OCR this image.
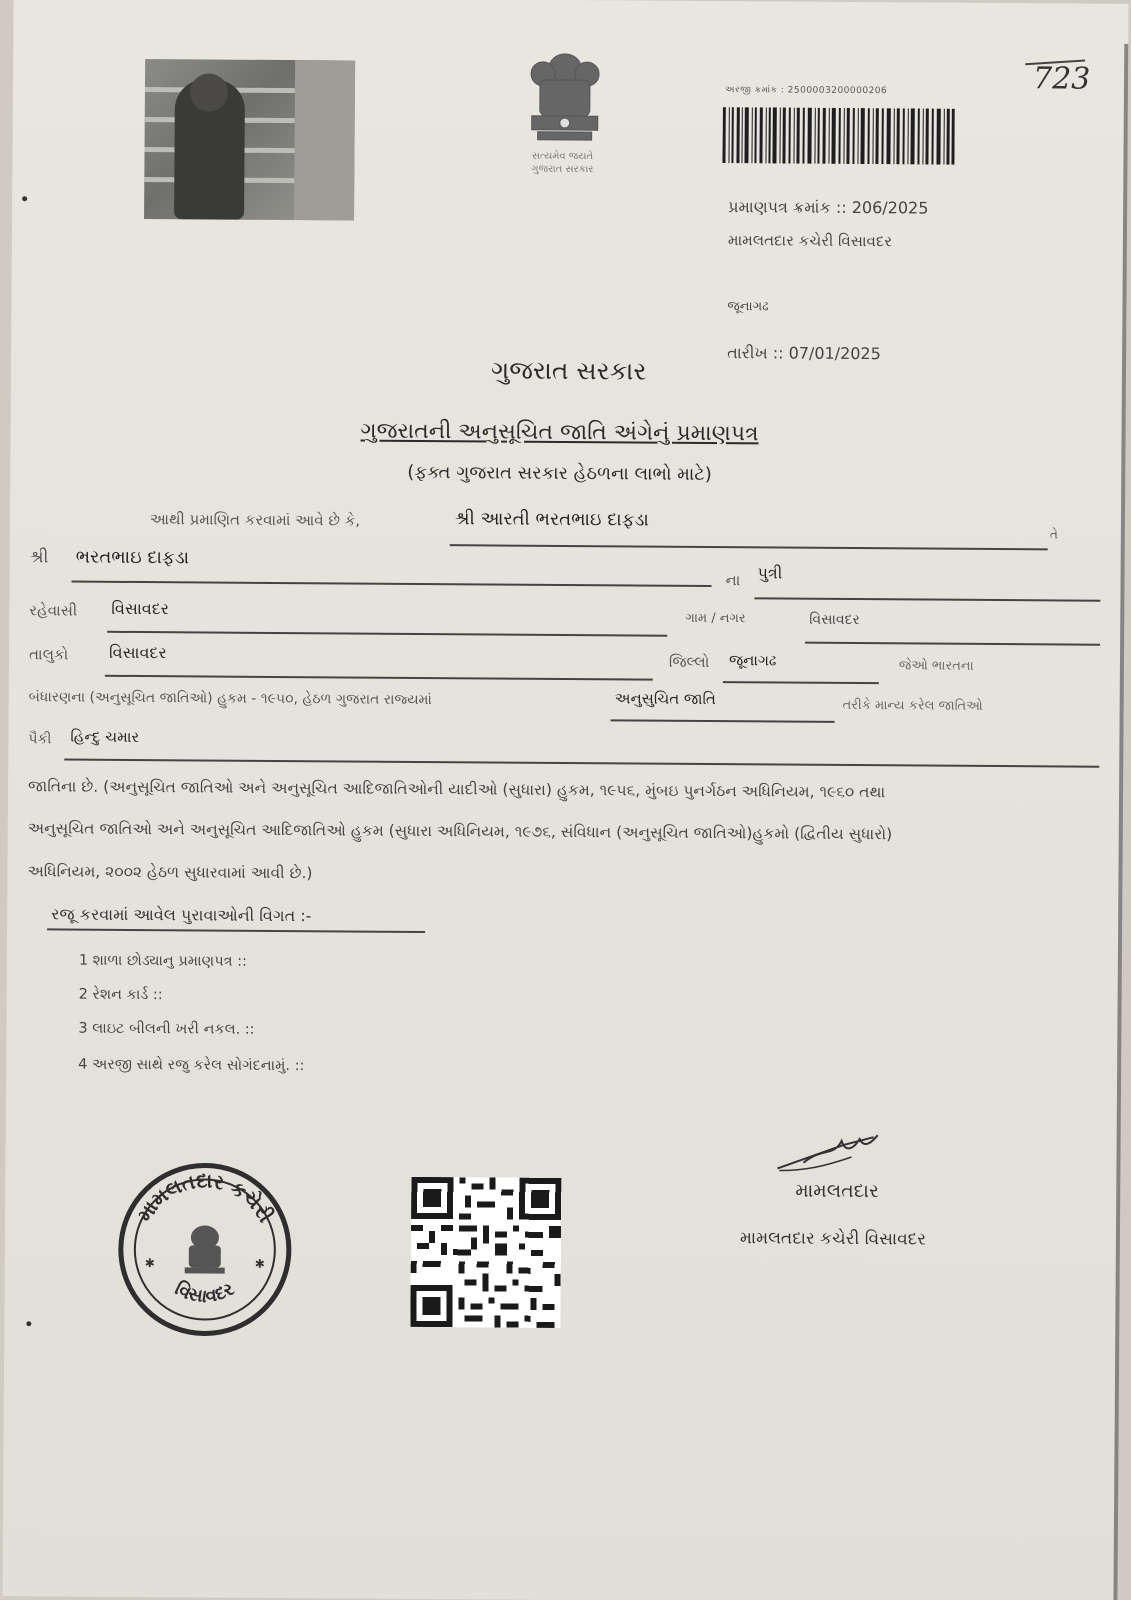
સત્યમેવ જયતે
ગુજરાત સરકાર
અરજી ક્રમાંક : 2500003200000206	723
પ્રમાણપત્ર ક્રમાંક :: 206/2025
મામલતદાર કચેરી વિસાવદર
જૂનાગઢ
તારીખ :: 07/01/2025
ગુજરાત સરકાર
ગુજરાતની અનુસૂચિત જાતિ અંગેનું પ્રમાણપત્ર
(ફક્ત ગુજરાત સરકાર હેઠળના લાભો માટે)
આથી પ્રમાણિત કરવામાં આવે છે કે,	શ્રી આરતી ભરતભાઇ દાફડા
તે
શ્રી ભરતભાઇ દાફડા
ના પુત્રી
રહેવાસી વિસાવદર
ગામ / નગર	વિસાવદર
તાલુકો	વિસાવદર	જિલ્લો જૂનાગઢ	જેઓ ભારતના
બંધારણના (અનુસૂચિત જાતિઓ) હુકમ - ૧૯૫૦, હેઠળ ગુજરાત રાજ્યમાં	અનુસુચિત જાતિ	તરીકે માન્ય કરેલ જાતિઓ
પૈકી હિન્દુ ચમાર
જાતિના છે. (અનુસૂચિત જાતિઓ અને અનુસૂચિત આદિજાતિઓની યાદીઓ (સુધારા) હુકમ, ૧૯૫૬, મુંબઇ પુનર્ગઠન અધિનિયમ, ૧૯૬૦ તથા
અનુસૂચિત જાતિઓ અને અનુસૂચિત આદિજાતિઓ હુકમ (સુધારા અધિનિયમ, ૧૯૭૬, સંવિધાન (અનુસૂચિત જાતિઓ)હુકમો (દ્વિતીય સુધારો)
અધિનિયમ, ૨૦૦૨ હેઠળ સુધારવામાં આવી છે.)
રજૂ કરવામાં આવેલ પુરાવાઓની વિગત :-
1 શાળા છોડ્યાનુ પ્રમાણપત્ર ::
2 રેશન કાર્ડ ::
3 લાઇટ બીલની ખરી નકલ. ::
4 અરજી સાથે રજુ કરેલ સોગંદનામું. ::
મામલતદાર
મામલતદાર કચેરી વિસાવદર
મામલતદાર કચેરી
વિસાવદર
✱	✱
